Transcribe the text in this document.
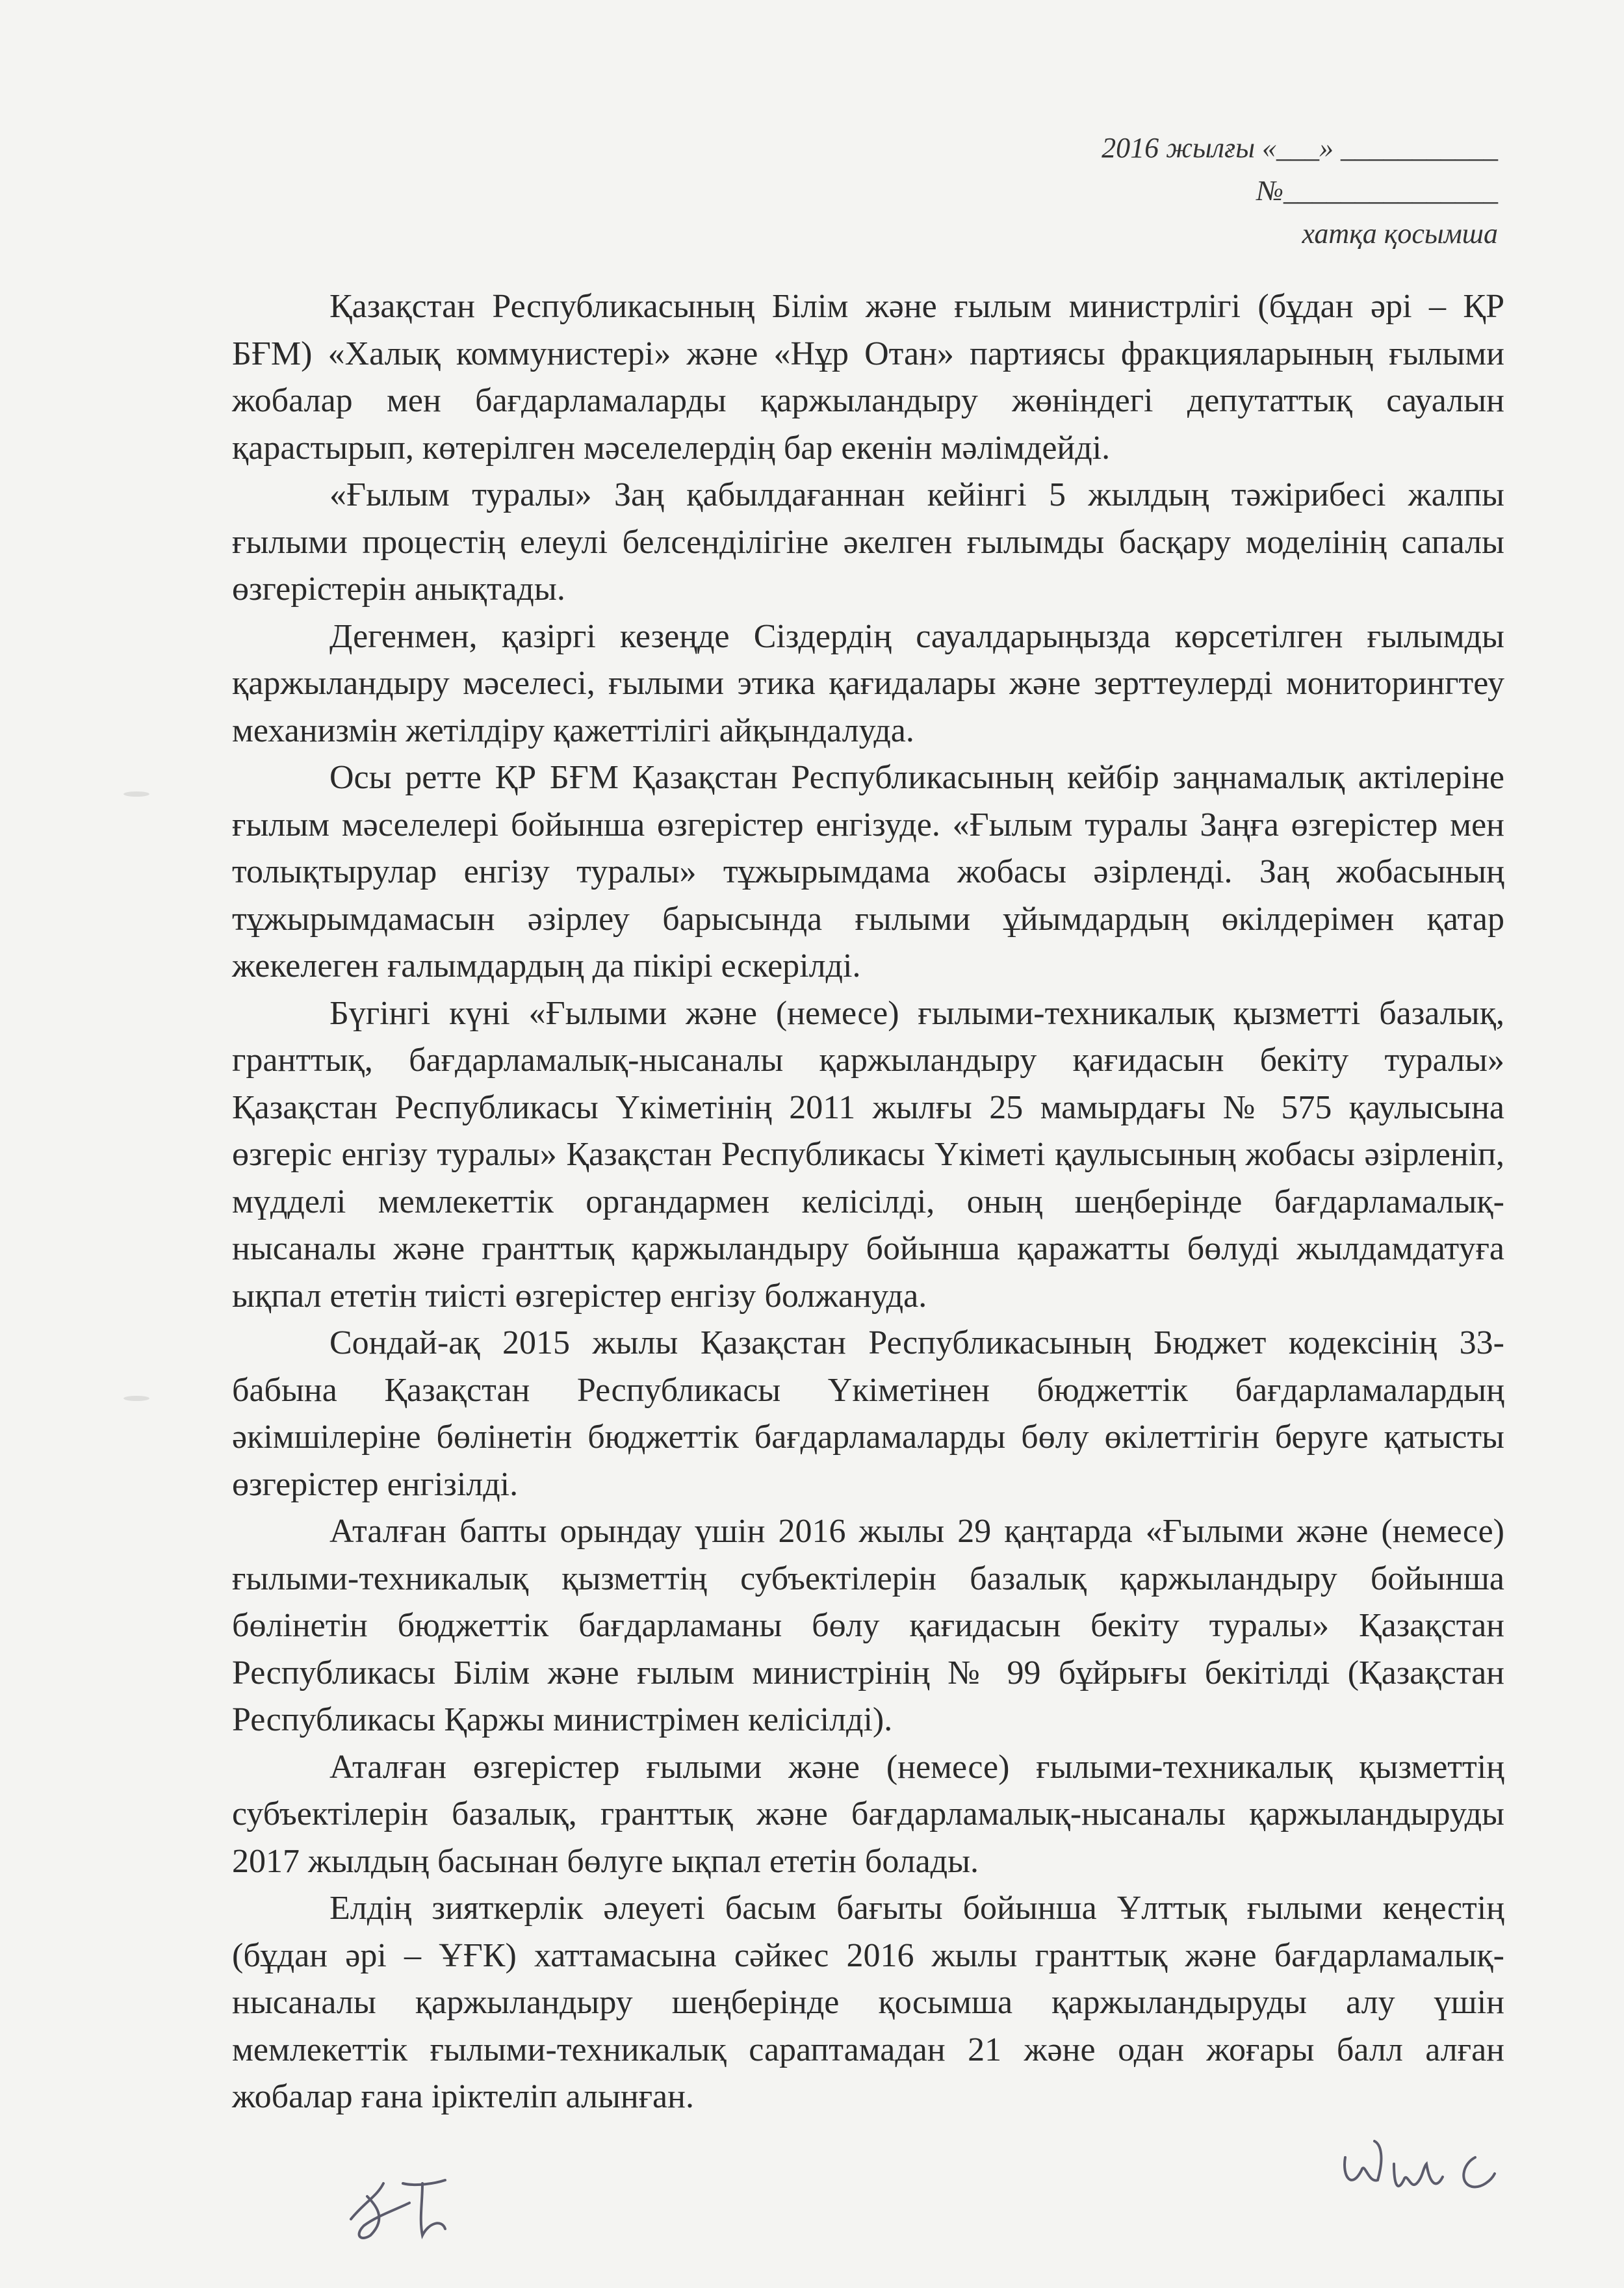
2016 жылғы «___» ___________
№_______________
хатқа қосымша

Қазақстан Республикасының Білім және ғылым министрлігі (бұдан әрі – ҚР БҒМ) «Халық коммунистері» және «Нұр Отан» партиясы фракцияларының ғылыми жобалар мен бағдарламаларды қаржыландыру жөніндегі депутаттық сауалын қарастырып, көтерілген мәселелердің бар екенін мәлімдейді.

«Ғылым туралы» Заң қабылдағаннан кейінгі 5 жылдың тәжірибесі жалпы ғылыми процестің елеулі белсенділігіне әкелген ғылымды басқару моделінің сапалы өзгерістерін анықтады.

Дегенмен, қазіргі кезеңде Сіздердің сауалдарыңызда көрсетілген ғылымды қаржыландыру мәселесі, ғылыми этика қағидалары және зерттеулерді мониторингтеу механизмін жетілдіру қажеттілігі айқындалуда.

Осы ретте ҚР БҒМ Қазақстан Республикасының кейбір заңнамалық актілеріне ғылым мәселелері бойынша өзгерістер енгізуде. «Ғылым туралы Заңға өзгерістер мен толықтырулар енгізу туралы» тұжырымдама жобасы әзірленді. Заң жобасының тұжырымдамасын әзірлеу барысында ғылыми ұйымдардың өкілдерімен қатар жекелеген ғалымдардың да пікірі ескерілді.

Бүгінгі күні «Ғылыми және (немесе) ғылыми-техникалық қызметті базалық, гранттық, бағдарламалық-нысаналы қаржыландыру қағидасын бекіту туралы» Қазақстан Республикасы Үкіметінің 2011 жылғы 25 мамырдағы № 575 қаулысына өзгеріс енгізу туралы» Қазақстан Республикасы Үкіметі қаулысының жобасы әзірленіп, мүдделі мемлекеттік органдармен келісілді, оның шеңберінде бағдарламалық-нысаналы және гранттық қаржыландыру бойынша қаражатты бөлуді жылдамдатуға ықпал ететін тиісті өзгерістер енгізу болжануда.

Сондай-ақ 2015 жылы Қазақстан Республикасының Бюджет кодексінің 33-бабына Қазақстан Республикасы Үкіметінен бюджеттік бағдарламалардың әкімшілеріне бөлінетін бюджеттік бағдарламаларды бөлу өкілеттігін беруге қатысты өзгерістер енгізілді.

Аталған бапты орындау үшін 2016 жылы 29 қаңтарда «Ғылыми және (немесе) ғылыми-техникалық қызметтің субъектілерін базалық қаржыландыру бойынша бөлінетін бюджеттік бағдарламаны бөлу қағидасын бекіту туралы» Қазақстан Республикасы Білім және ғылым министрінің № 99 бұйрығы бекітілді (Қазақстан Республикасы Қаржы министрімен келісілді).

Аталған өзгерістер ғылыми және (немесе) ғылыми-техникалық қызметтің субъектілерін базалық, гранттық және бағдарламалық-нысаналы қаржыландыруды 2017 жылдың басынан бөлуге ықпал ететін болады.

Елдің зияткерлік әлеуеті басым бағыты бойынша Ұлттық ғылыми кеңестің (бұдан әрі – ҰҒК) хаттамасына сәйкес 2016 жылы гранттық және бағдарламалық-нысаналы қаржыландыру шеңберінде қосымша қаржыландыруды алу үшін мемлекеттік ғылыми-техникалық сараптамадан 21 және одан жоғары балл алған жобалар ғана іріктеліп алынған.
